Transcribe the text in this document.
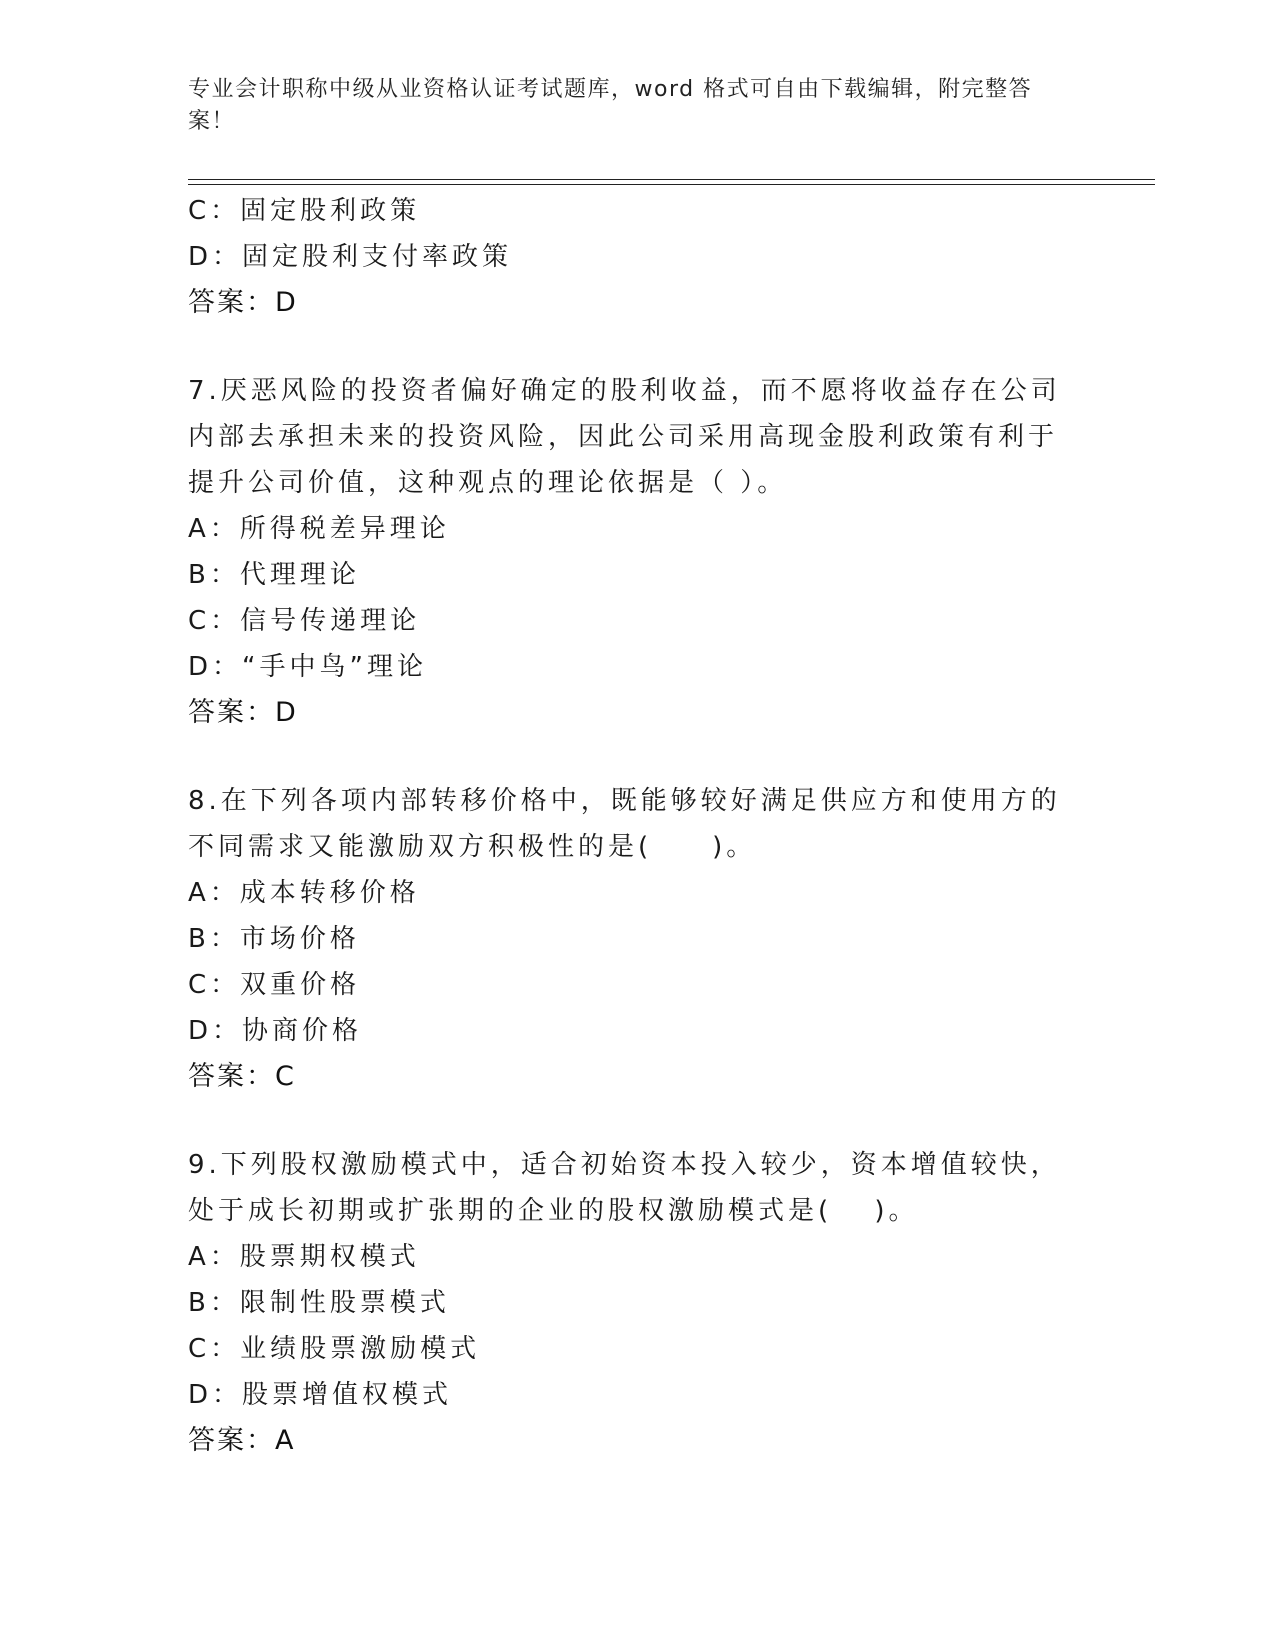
专业会计职称中级从业资格认证考试题库，word 格式可自由下载编辑，附完整答案！
C：固定股利政策
D：固定股利支付率政策
答案：D
7.厌恶风险的投资者偏好确定的股利收益，而不愿将收益存在公司内部去承担未来的投资风险，因此公司采用高现金股利政策有利于提升公司价值，这种观点的理论依据是（ ）。
A：所得税差异理论
B：代理理论
C：信号传递理论
D：“手中鸟”理论
答案：D
8.在下列各项内部转移价格中，既能够较好满足供应方和使用方的不同需求又能激励双方积极性的是(　　)。
A：成本转移价格
B：市场价格
C：双重价格
D：协商价格
答案：C
9.下列股权激励模式中，适合初始资本投入较少，资本增值较快，处于成长初期或扩张期的企业的股权激励模式是(　 )。
A：股票期权模式
B：限制性股票模式
C：业绩股票激励模式
D：股票增值权模式
答案：A
